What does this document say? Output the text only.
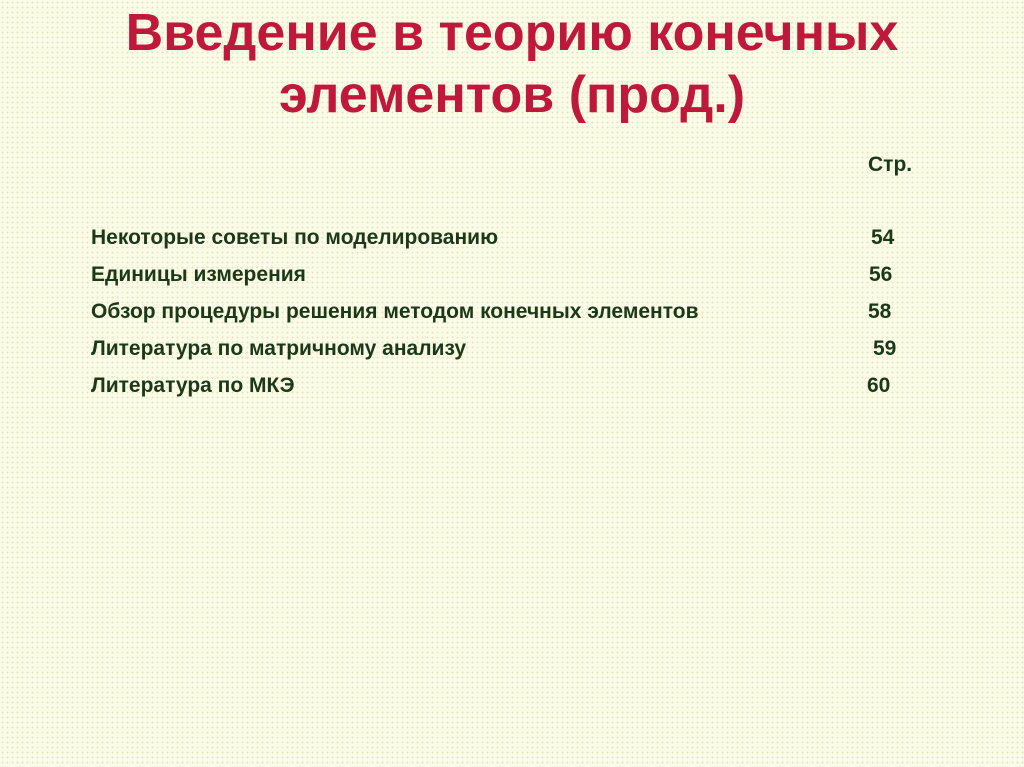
Введение в теорию конечных
элементов (прод.)
Стр.
Некоторые советы по моделированию	54
Единицы измерения	56
Обзор процедуры решения методом конечных элементов	58
Литература по матричному анализу	59
Литература по МКЭ	60
